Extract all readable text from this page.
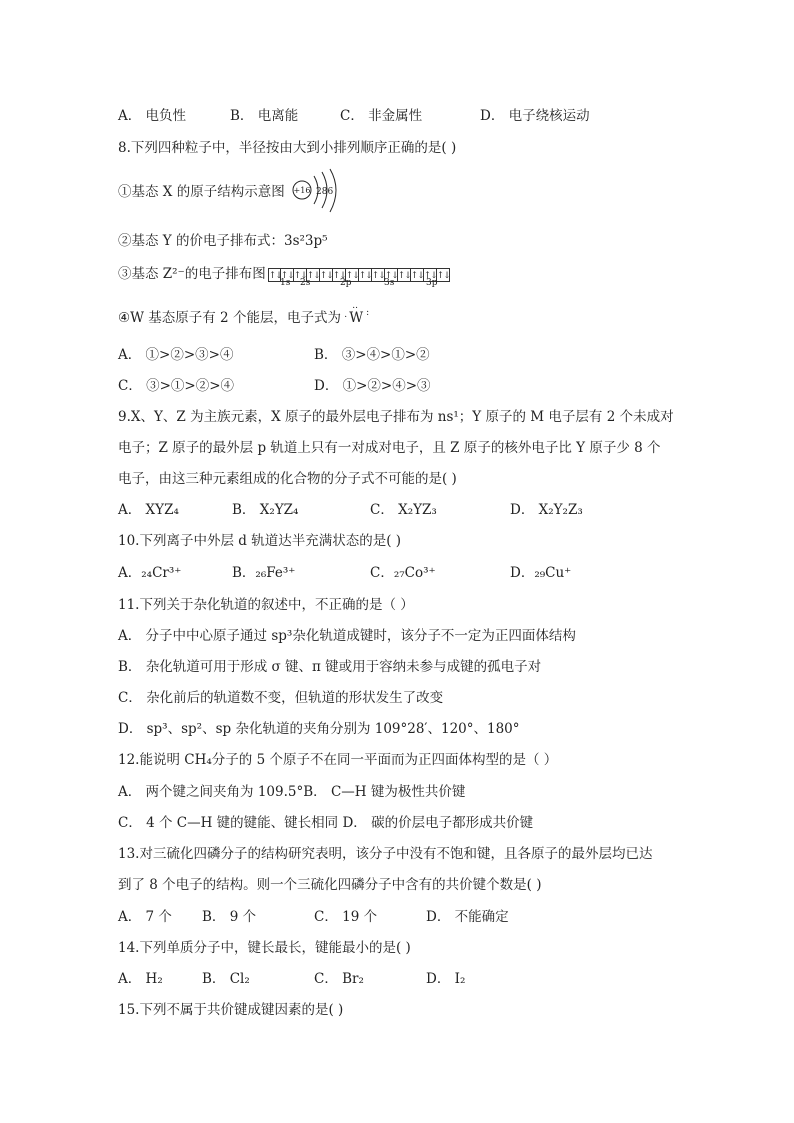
A． 电负性	B． 电离能	C． 非金属性	D． 电子绕核运动
8.下列四种粒子中，半径按由大到小排列顺序正确的是( )
①基态 X 的原子结构示意图 +16 286
②基态 Y 的价电子排布式：3s²3p⁵
③基态 Z²⁻的电子排布图 ↑↓
↑↓ ↑↓ ↑↓ ↑↓ ↑↓ ↑↓ ↑↓ ↑↓ ↑↓ ↑↓ ↑↓ ↑↓ ↑↓
1s 2s	2p	3s	3p
④W 基态原子有 2 个能层，电子式为
..
. W :
A． ①>②>③>④	B． ③>④>①>②
C． ③>①>②>④	D． ①>②>④>③
9.X、Y、Z 为主族元素，X 原子的最外层电子排布为 ns¹；Y 原子的 M 电子层有 2 个未成对
电子；Z 原子的最外层 p 轨道上只有一对成对电子，且 Z 原子的核外电子比 Y 原子少 8 个
电子，由这三种元素组成的化合物的分子式不可能的是( )
A． XYZ₄	B． X₂YZ₄	C． X₂YZ₃	D． X₂Y₂Z₃
10.下列离子中外层 d 轨道达半充满状态的是( )
A．₂₄Cr³⁺	B．₂₆Fe³⁺	C．₂₇Co³⁺	D．₂₉Cu⁺
11.下列关于杂化轨道的叙述中，不正确的是（ ）
A． 分子中中心原子通过 sp³杂化轨道成键时，该分子不一定为正四面体结构
B． 杂化轨道可用于形成 σ 键、π 键或用于容纳未参与成键的孤电子对
C． 杂化前后的轨道数不变，但轨道的形状发生了改变
D． sp³、sp²、sp 杂化轨道的夹角分别为 109°28′、120°、180°
12.能说明 CH₄分子的 5 个原子不在同一平面而为正四面体构型的是（ ）
A． 两个键之间夹角为 109.5°B． C—H 键为极性共价键
C． 4 个 C—H 键的键能、键长相同 D． 碳的价层电子都形成共价键
13.对三硫化四磷分子的结构研究表明，该分子中没有不饱和键，且各原子的最外层均已达
到了 8 个电子的结构。则一个三硫化四磷分子中含有的共价键个数是( )
A． 7 个 B． 9 个	C． 19 个	D． 不能确定
14.下列单质分子中，键长最长，键能最小的是( )
A． H₂	B． Cl₂	C． Br₂	D． I₂
15.下列不属于共价键成键因素的是( )
